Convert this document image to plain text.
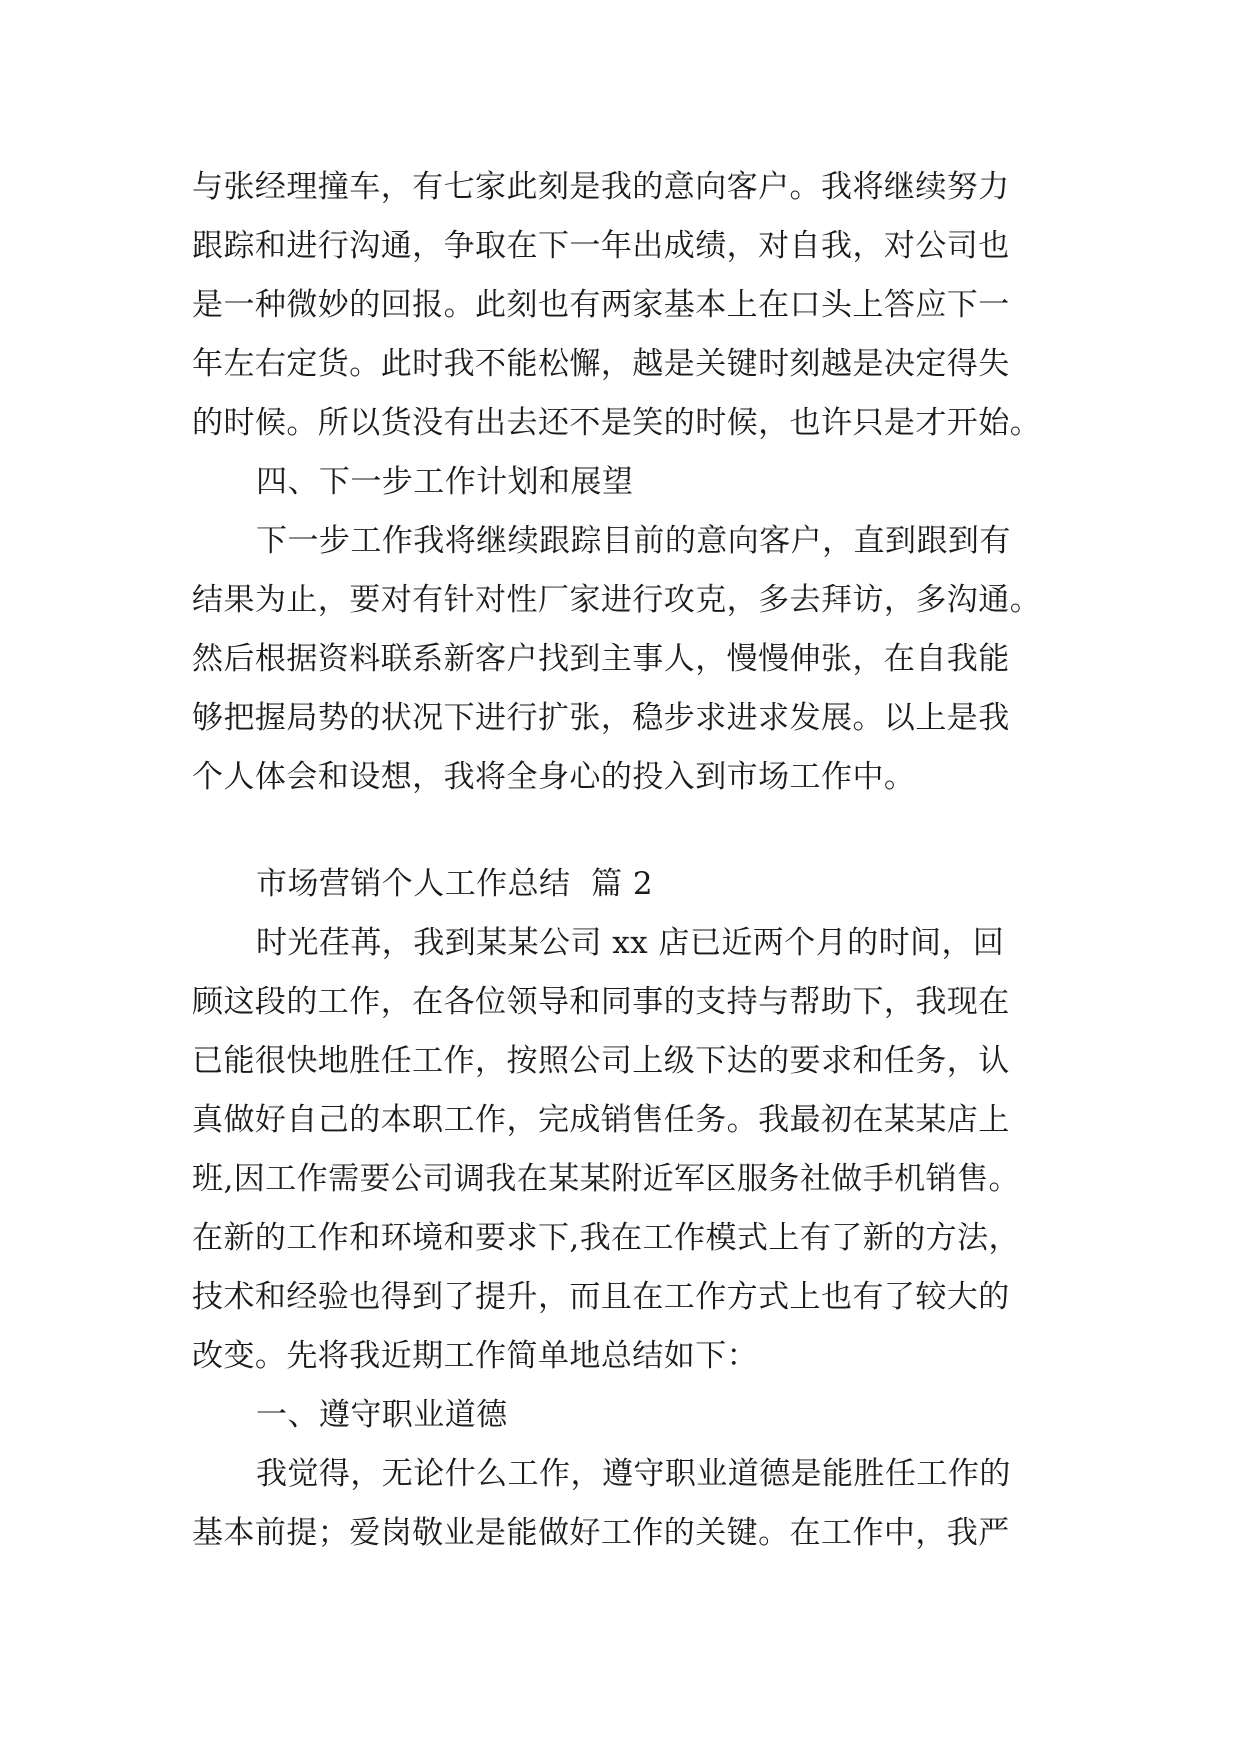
与张经理撞车，有七家此刻是我的意向客户。我将继续努力
跟踪和进行沟通，争取在下一年出成绩，对自我，对公司也
是一种微妙的回报。此刻也有两家基本上在口头上答应下一
年左右定货。此时我不能松懈，越是关键时刻越是决定得失
的时候。所以货没有出去还不是笑的时候，也许只是才开始。
四、下一步工作计划和展望
下一步工作我将继续跟踪目前的意向客户，直到跟到有
结果为止，要对有针对性厂家进行攻克，多去拜访，多沟通。
然后根据资料联系新客户找到主事人，慢慢伸张，在自我能
够把握局势的状况下进行扩张，稳步求进求发展。以上是我
个人体会和设想，我将全身心的投入到市场工作中。
市场营销个人工作总结  篇 2
时光荏苒，我到某某公司 xx 店已近两个月的时间，回
顾这段的工作，在各位领导和同事的支持与帮助下，我现在
已能很快地胜任工作，按照公司上级下达的要求和任务，认
真做好自己的本职工作，完成销售任务。我最初在某某店上
班,因工作需要公司调我在某某附近军区服务社做手机销售。
在新的工作和环境和要求下,我在工作模式上有了新的方法，
技术和经验也得到了提升，而且在工作方式上也有了较大的
改变。先将我近期工作简单地总结如下：
一、遵守职业道德
我觉得，无论什么工作，遵守职业道德是能胜任工作的
基本前提；爱岗敬业是能做好工作的关键。在工作中，我严
